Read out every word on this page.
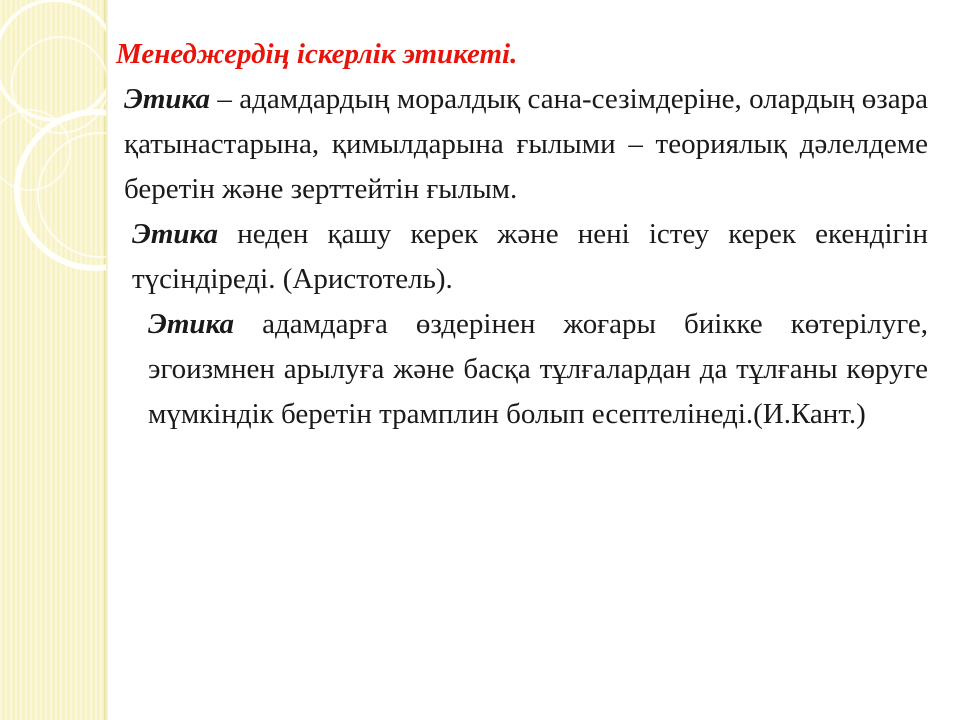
Менеджердің іскерлік этикеті.

Этика – адамдардың моралдық сана-сезімдеріне, олардың өзара қатынастарына, қимылдарына ғылыми – теориялық дәлелдеме беретін және зерттейтін ғылым.

Этика неден қашу керек және нені істеу керек екендігін түсіндіреді. (Аристотель).

Этика адамдарға өздерінен жоғары биікке көтерілуге, эгоизмнен арылуға және басқа тұлғалардан да тұлғаны көруге мүмкіндік беретін трамплин болып есептелінеді.(И.Кант.)
